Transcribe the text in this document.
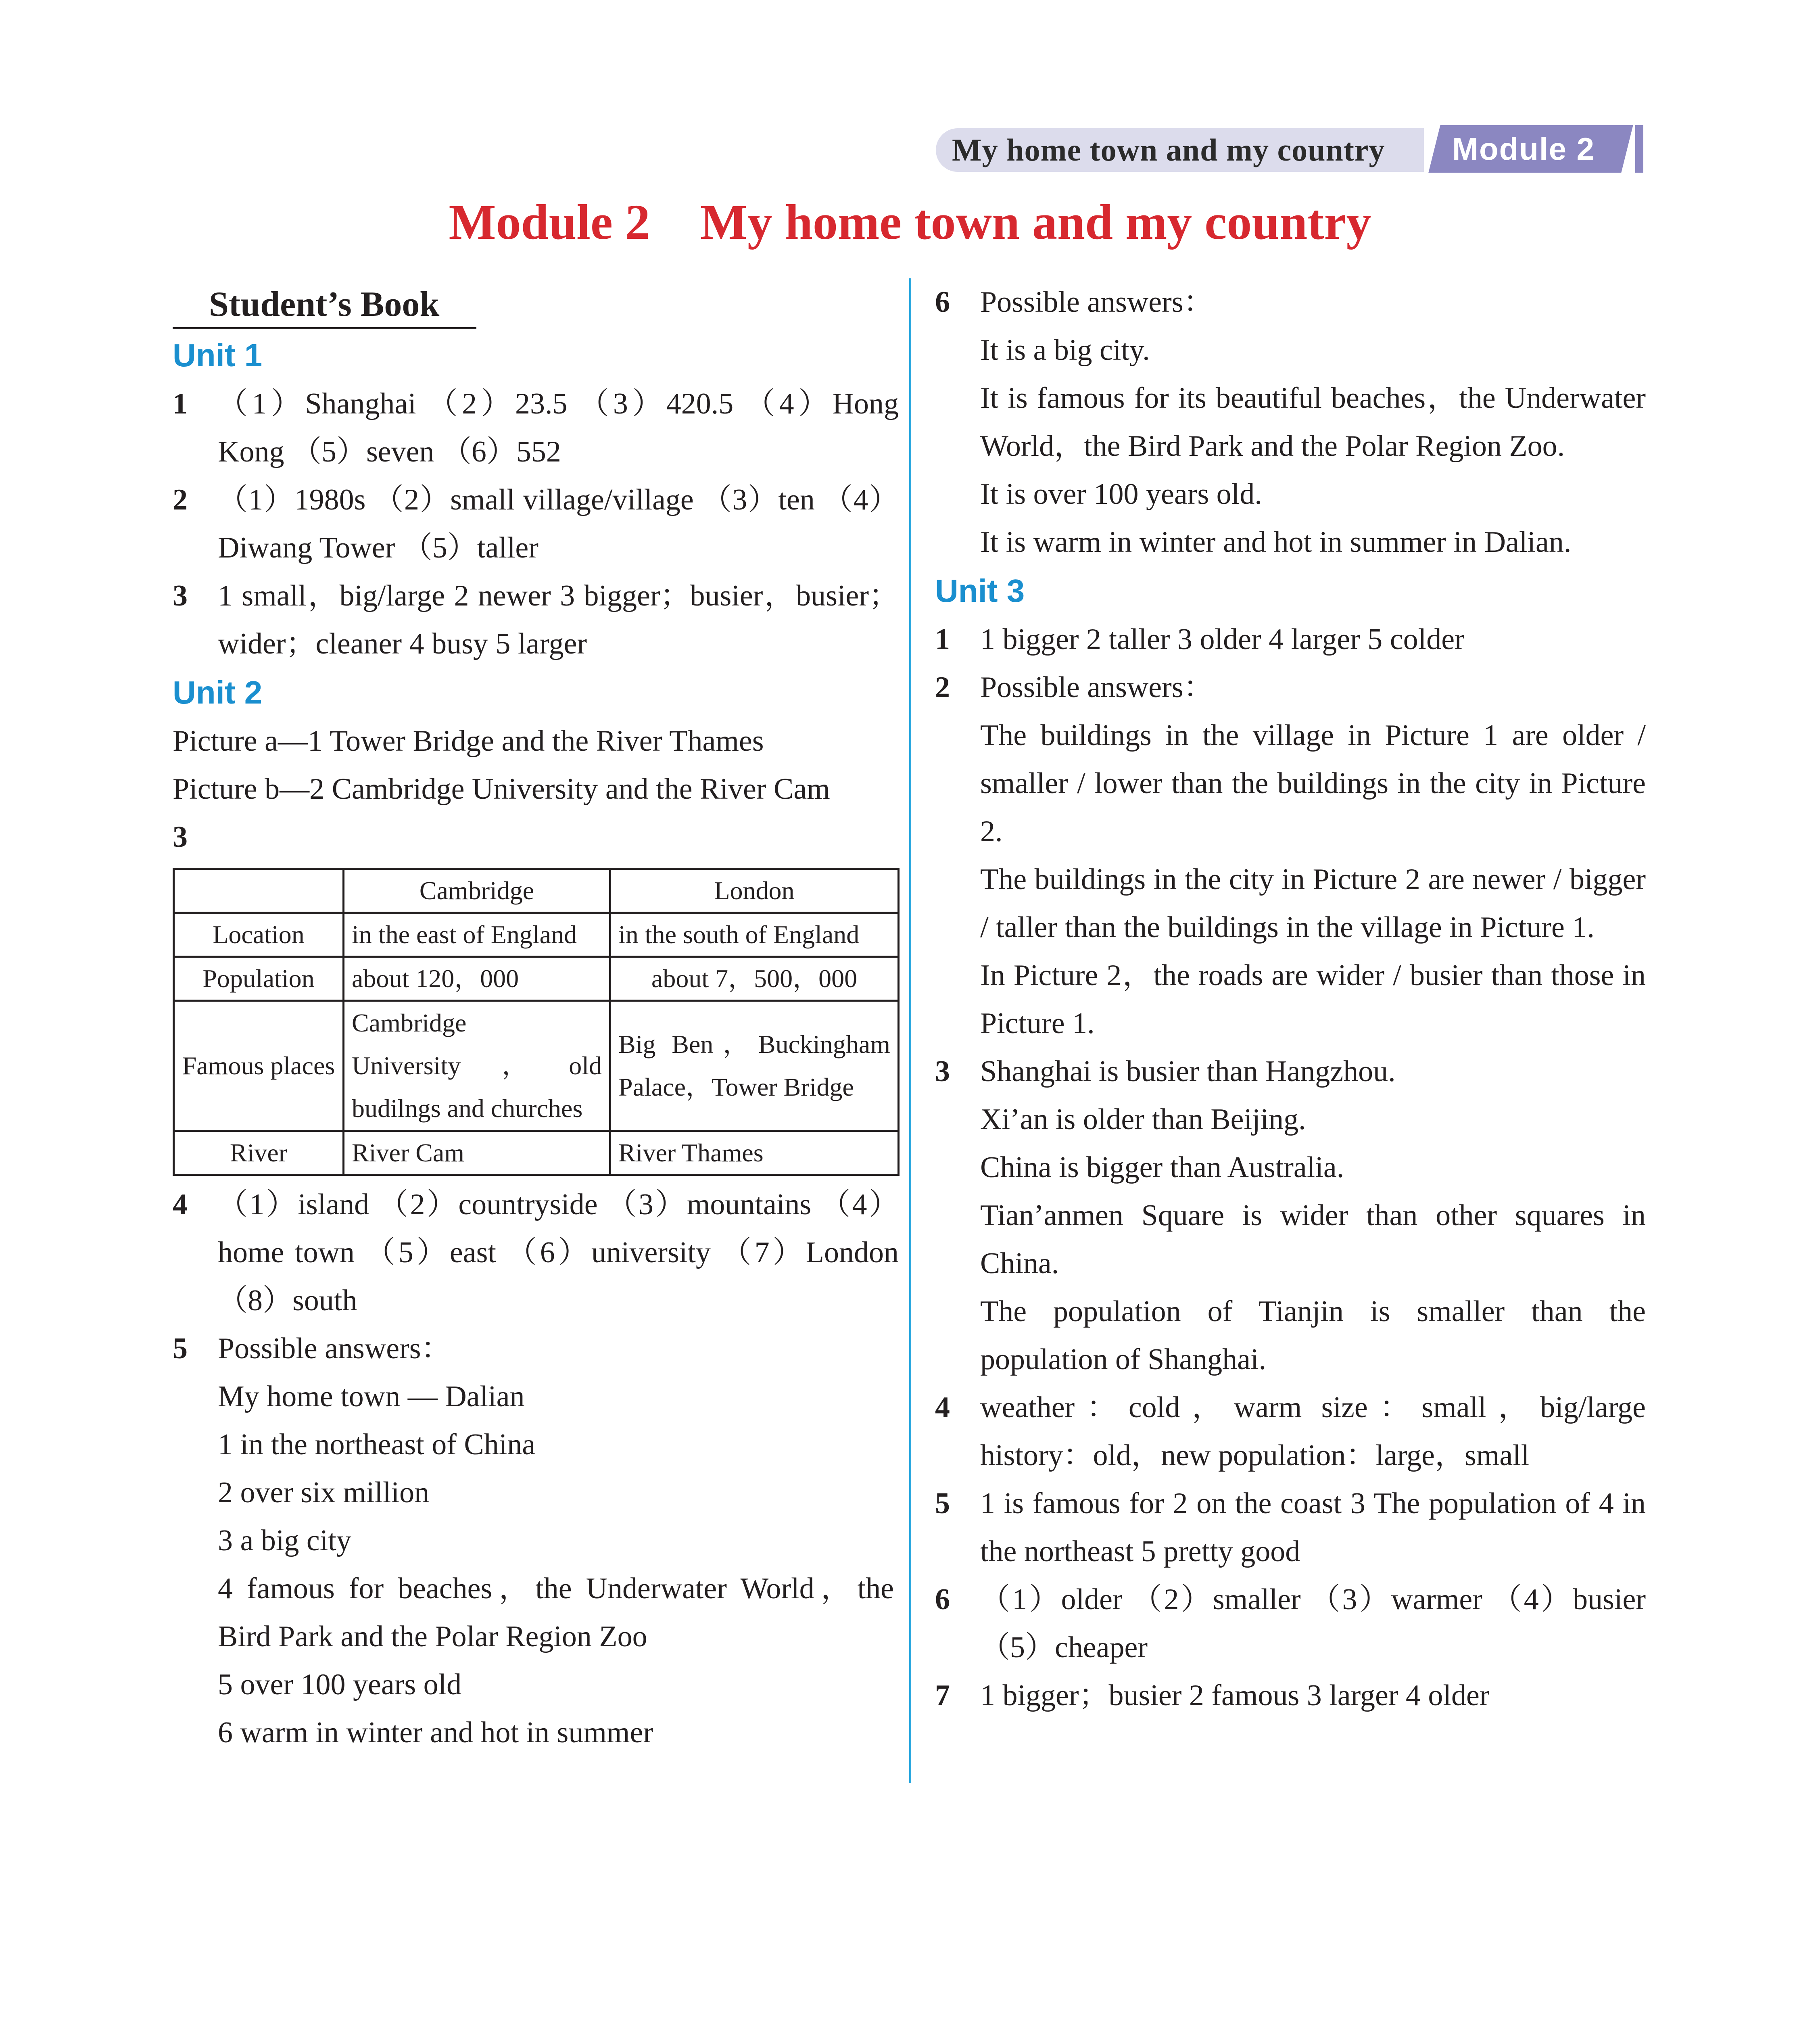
My home town and my country Module 2
Module 2    My home town and my country
Student’s Book
Unit 1
1 （1）Shanghai （2）23.5 （3）420.5 （4）Hong Kong （5）seven （6）552
2 （1）1980s （2）small village/village （3）ten （4）Diwang Tower （5）taller
3 1 small，big/large 2 newer 3 bigger；busier，busier；wider；cleaner 4 busy 5 larger
Unit 2
Picture a—1 Tower Bridge and the River Thames
Picture b—2 Cambridge University and the River Cam
3
	Cambridge	London
Location	in the east of England	in the south of England
Population	about 120，000	about 7，500，000
Famous places	Cambridge University，old budilngs and churches	Big Ben，Buckingham Palace，Tower Bridge
River	River Cam	River Thames
4 （1）island （2）countryside （3）mountains （4）home town （5）east （6）university （7）London （8）south
5 Possible answers：
My home town — Dalian
1 in the northeast of China
2 over six million
3 a big city
4 famous for beaches，the Underwater World，the Bird Park and the Polar Region Zoo
5 over 100 years old
6 warm in winter and hot in summer
6 Possible answers：
It is a big city.
It is famous for its beautiful beaches，the Underwater World，the Bird Park and the Polar Region Zoo.
It is over 100 years old.
It is warm in winter and hot in summer in Dalian.
Unit 3
1 1 bigger 2 taller 3 older 4 larger 5 colder
2 Possible answers：
The buildings in the village in Picture 1 are older / smaller / lower than the buildings in the city in Picture 2.
The buildings in the city in Picture 2 are newer / bigger / taller than the buildings in the village in Picture 1.
In Picture 2，the roads are wider / busier than those in Picture 1.
3 Shanghai is busier than Hangzhou.
Xi’an is older than Beijing.
China is bigger than Australia.
Tian’anmen Square is wider than other squares in China.
The population of Tianjin is smaller than the population of Shanghai.
4 weather：cold，warm size：small，big/large history：old，new population：large，small
5 1 is famous for 2 on the coast 3 The population of 4 in the northeast 5 pretty good
6 （1）older （2）smaller （3）warmer （4）busier （5）cheaper
7 1 bigger；busier 2 famous 3 larger 4 older
